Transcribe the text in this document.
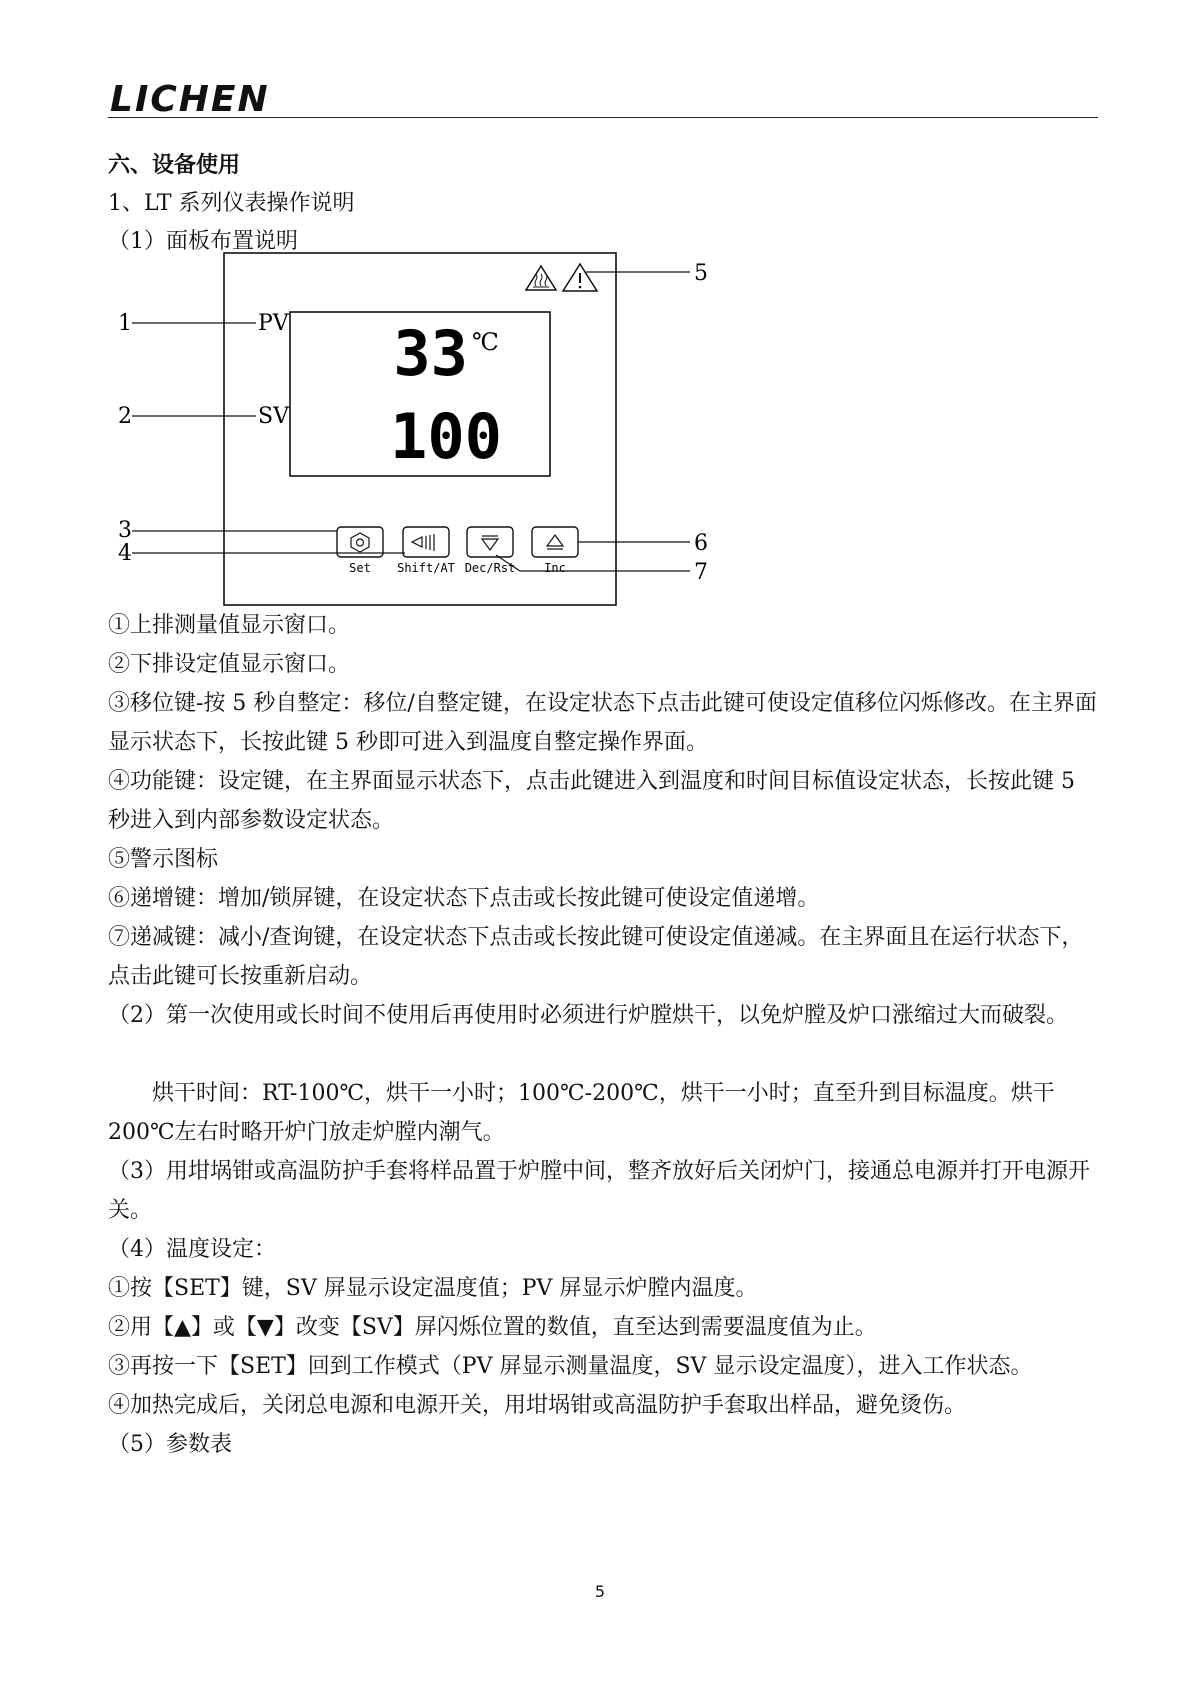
LICHEN
六、设备使用
1、LT 系列仪表操作说明
（1）面板布置说明
PV
SV
33 ℃
100
Set Shift/AT Dec/Rst Inc
1
2
3
4
5
6
7
①上排测量值显示窗口。
②下排设定值显示窗口。
③移位键-按 5 秒自整定：移位/自整定键，在设定状态下点击此键可使设定值移位闪烁修改。在主界面显示状态下，长按此键 5 秒即可进入到温度自整定操作界面。
④功能键：设定键，在主界面显示状态下，点击此键进入到温度和时间目标值设定状态，长按此键 5 秒进入到内部参数设定状态。
⑤警示图标
⑥递增键：增加/锁屏键，在设定状态下点击或长按此键可使设定值递增。
⑦递减键：减小/查询键，在设定状态下点击或长按此键可使设定值递减。在主界面且在运行状态下，点击此键可长按重新启动。
（2）第一次使用或长时间不使用后再使用时必须进行炉膛烘干，以免炉膛及炉口涨缩过大而破裂。
烘干时间：RT-100℃，烘干一小时；100℃-200℃，烘干一小时；直至升到目标温度。烘干 200℃左右时略开炉门放走炉膛内潮气。
（3）用坩埚钳或高温防护手套将样品置于炉膛中间，整齐放好后关闭炉门，接通总电源并打开电源开关。
（4）温度设定：
①按【SET】键，SV 屏显示设定温度值；PV 屏显示炉膛内温度。
②用【▲】或【▼】改变【SV】屏闪烁位置的数值，直至达到需要温度值为止。
③再按一下【SET】回到工作模式（PV 屏显示测量温度，SV 显示设定温度），进入工作状态。
④加热完成后，关闭总电源和电源开关，用坩埚钳或高温防护手套取出样品，避免烫伤。
（5）参数表
5
